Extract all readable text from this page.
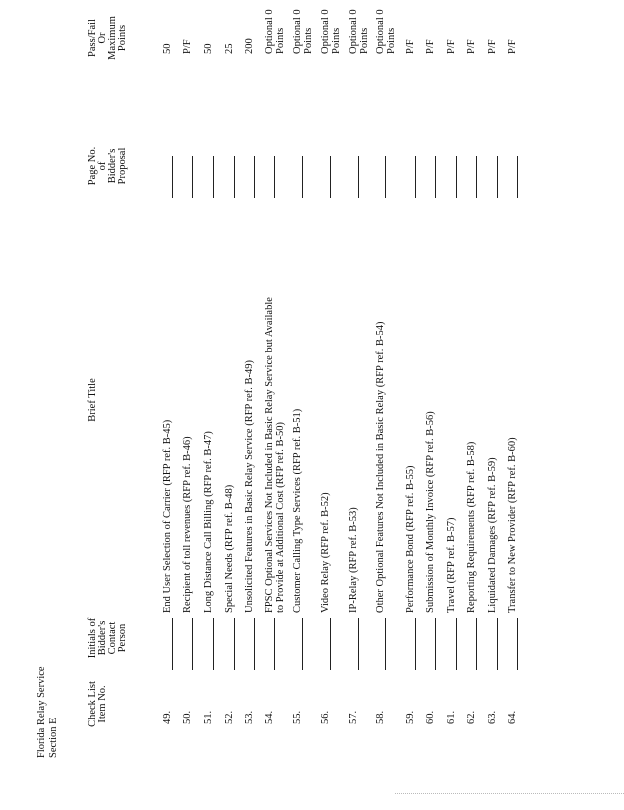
Florida Relay Service Section E
Check List Item No.
Initials of Bidder's Contact Person
Brief Title
Page No. of Bidder's Proposal
Pass/Fail Or Maximum Points
49.
End User Selection of Carrier (RFP ref. B-45)
50
50.
Recipient of toll revenues (RFP ref. B-46)
P/F
51.
Long Distance Call Billing (RFP ref. B-47)
50
52.
Special Needs (RFP ref. B-48)
25
53.
Unsolicited Features in Basic Relay Service (RFP ref. B-49)
200
54.
FPSC Optional Services Not Included in Basic Relay Service but Available to Provide at Additional Cost (RFP ref. B-50)
Optional 0 Points
55.
Customer Calling Type Services (RFP ref. B-51)
Optional 0 Points
56.
Video Relay (RFP ref. B-52)
Optional 0 Points
57.
IP-Relay (RFP ref. B-53)
Optional 0 Points
58.
Other Optional Features Not Included in Basic Relay (RFP ref. B-54)
Optional 0 Points
59.
Performance Bond (RFP ref. B-55)
P/F
60.
Submission of Monthly Invoice (RFP ref. B-56)
P/F
61.
Travel (RFP ref. B-57)
P/F
62.
Reporting Requirements (RFP ref. B-58)
P/F
63.
Liquidated Damages (RFP ref. B-59)
P/F
64.
Transfer to New Provider (RFP ref. B-60)
P/F
